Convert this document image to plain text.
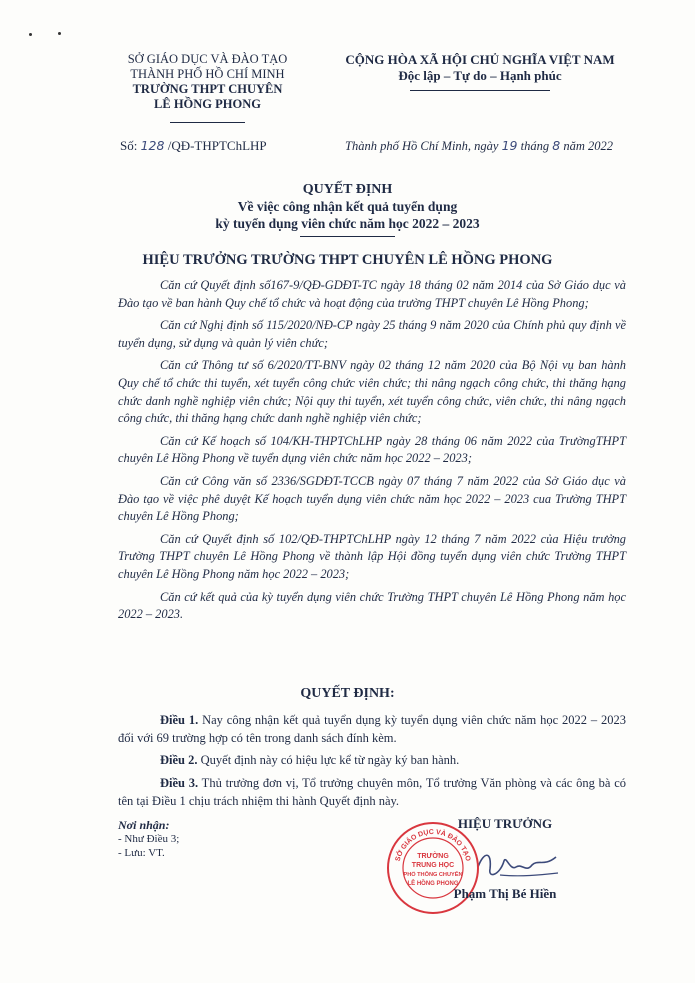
SỞ GIÁO DỤC VÀ ĐÀO TẠO
THÀNH PHỐ HỒ CHÍ MINH
TRƯỜNG THPT CHUYÊN
LÊ HỒNG PHONG
CỘNG HÒA XÃ HỘI CHỦ NGHĨA VIỆT NAM
Độc lập – Tự do – Hạnh phúc
Số: 128 /QĐ-THPTChLHP	Thành phố Hồ Chí Minh, ngày 19 tháng 8 năm 2022
QUYẾT ĐỊNH
Về việc công nhận kết quả tuyển dụng
kỳ tuyển dụng viên chức năm học 2022 – 2023
HIỆU TRƯỞNG TRƯỜNG THPT CHUYÊN LÊ HỒNG PHONG
Căn cứ Quyết định số167-9/QĐ-GDĐT-TC ngày 18 tháng 02 năm 2014 của Sở Giáo dục và Đào tạo về ban hành Quy chế tổ chức và hoạt động của trường THPT chuyên Lê Hồng Phong;
Căn cứ Nghị định số 115/2020/NĐ-CP ngày 25 tháng 9 năm 2020 của Chính phủ quy định về tuyển dụng, sử dụng và quản lý viên chức;
Căn cứ Thông tư số 6/2020/TT-BNV ngày 02 tháng 12 năm 2020 của Bộ Nội vụ ban hành Quy chế tổ chức thi tuyển, xét tuyển công chức viên chức; thi nâng ngạch công chức, thi thăng hạng chức danh nghề nghiệp viên chức; Nội quy thi tuyển, xét tuyển công chức, viên chức, thi nâng ngạch công chức, thi thăng hạng chức danh nghề nghiệp viên chức;
Căn cứ Kế hoạch số 104/KH-THPTChLHP ngày 28 tháng 06 năm 2022 của TrườngTHPT chuyên Lê Hồng Phong về tuyển dụng viên chức năm học 2022 – 2023;
Căn cứ Công văn số 2336/SGDĐT-TCCB ngày 07 tháng 7 năm 2022 của Sở Giáo dục và Đào tạo về việc phê duyệt Kế hoạch tuyển dụng viên chức năm học 2022 – 2023 cua Trường THPT chuyên Lê Hồng Phong;
Căn cứ Quyết định số 102/QĐ-THPTChLHP ngày 12 tháng 7 năm 2022 của Hiệu trưởng Trường THPT chuyên Lê Hồng Phong về thành lập Hội đồng tuyển dụng viên chức Trường THPT chuyên Lê Hồng Phong năm học 2022 – 2023;
Căn cứ kết quả của kỳ tuyển dụng viên chức Trường THPT chuyên Lê Hồng Phong năm học 2022 – 2023.
QUYẾT ĐỊNH:
Điều 1. Nay công nhận kết quả tuyển dụng kỳ tuyển dụng viên chức năm học 2022 – 2023 đối với 69 trường hợp có tên trong danh sách đính kèm.
Điều 2. Quyết định này có hiệu lực kể từ ngày ký ban hành.
Điều 3. Thủ trưởng đơn vị, Tổ trưởng chuyên môn, Tổ trưởng Văn phòng và các ông bà có tên tại Điều 1 chịu trách nhiệm thi hành Quyết định này.
Nơi nhận:
- Như Điều 3;
- Lưu: VT.
HIỆU TRƯỞNG
SỞ GIÁO DỤC VÀ ĐÀO TẠO
TRƯỜNG
TRUNG HỌC
PHỔ THÔNG CHUYÊN
LÊ HỒNG PHONG
Phạm Thị Bé Hiền
